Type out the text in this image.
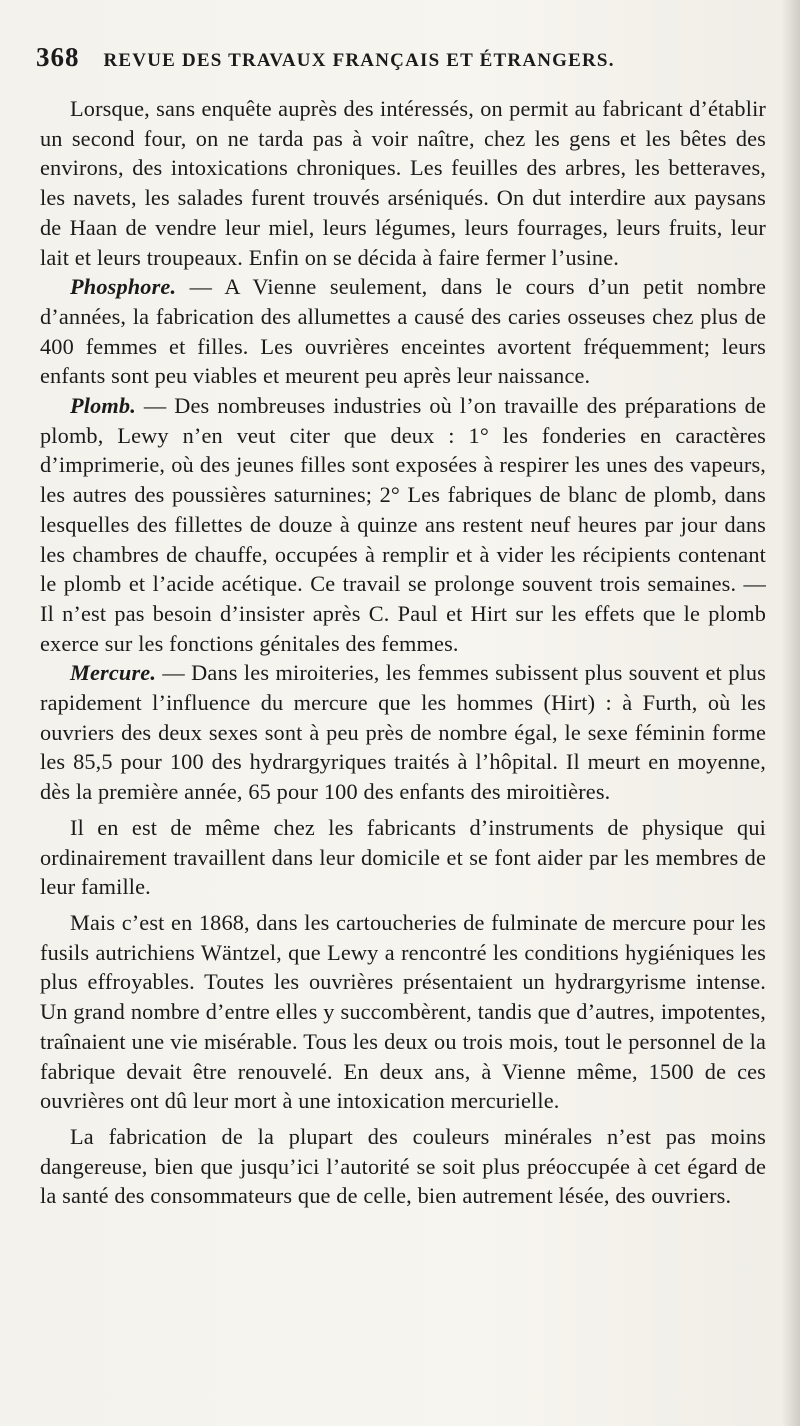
368 REVUE DES TRAVAUX FRANÇAIS ET ÉTRANGERS.

Lorsque, sans enquête auprès des intéressés, on permit au fabricant d’établir un second four, on ne tarda pas à voir naître, chez les gens et les bêtes des environs, des intoxications chroniques. Les feuilles des arbres, les betteraves, les navets, les salades furent trouvés arséniqués. On dut interdire aux paysans de Haan de vendre leur miel, leurs légumes, leurs fourrages, leurs fruits, leur lait et leurs troupeaux. Enfin on se décida à faire fermer l’usine.

Phosphore. — A Vienne seulement, dans le cours d’un petit nombre d’années, la fabrication des allumettes a causé des caries osseuses chez plus de 400 femmes et filles. Les ouvrières enceintes avortent fréquemment; leurs enfants sont peu viables et meurent peu après leur naissance.

Plomb. — Des nombreuses industries où l’on travaille des préparations de plomb, Lewy n’en veut citer que deux : 1° les fonderies en caractères d’imprimerie, où des jeunes filles sont exposées à respirer les unes des vapeurs, les autres des poussières saturnines; 2° Les fabriques de blanc de plomb, dans lesquelles des fillettes de douze à quinze ans restent neuf heures par jour dans les chambres de chauffe, occupées à remplir et à vider les récipients contenant le plomb et l’acide acétique. Ce travail se prolonge souvent trois semaines. — Il n’est pas besoin d’insister après C. Paul et Hirt sur les effets que le plomb exerce sur les fonctions génitales des femmes.

Mercure. — Dans les miroiteries, les femmes subissent plus souvent et plus rapidement l’influence du mercure que les hommes (Hirt) : à Furth, où les ouvriers des deux sexes sont à peu près de nombre égal, le sexe féminin forme les 85,5 pour 100 des hydrargyriques traités à l’hôpital. Il meurt en moyenne, dès la première année, 65 pour 100 des enfants des miroitières.

Il en est de même chez les fabricants d’instruments de physique qui ordinairement travaillent dans leur domicile et se font aider par les membres de leur famille.

Mais c’est en 1868, dans les cartoucheries de fulminate de mercure pour les fusils autrichiens Wäntzel, que Lewy a rencontré les conditions hygiéniques les plus effroyables. Toutes les ouvrières présentaient un hydrargyrisme intense. Un grand nombre d’entre elles y succombèrent, tandis que d’autres, impotentes, traînaient une vie misérable. Tous les deux ou trois mois, tout le personnel de la fabrique devait être renouvelé. En deux ans, à Vienne même, 1500 de ces ouvrières ont dû leur mort à une intoxication mercurielle.

La fabrication de la plupart des couleurs minérales n’est pas moins dangereuse, bien que jusqu’ici l’autorité se soit plus préoccupée à cet égard de la santé des consommateurs que de celle, bien autrement lésée, des ouvriers.
